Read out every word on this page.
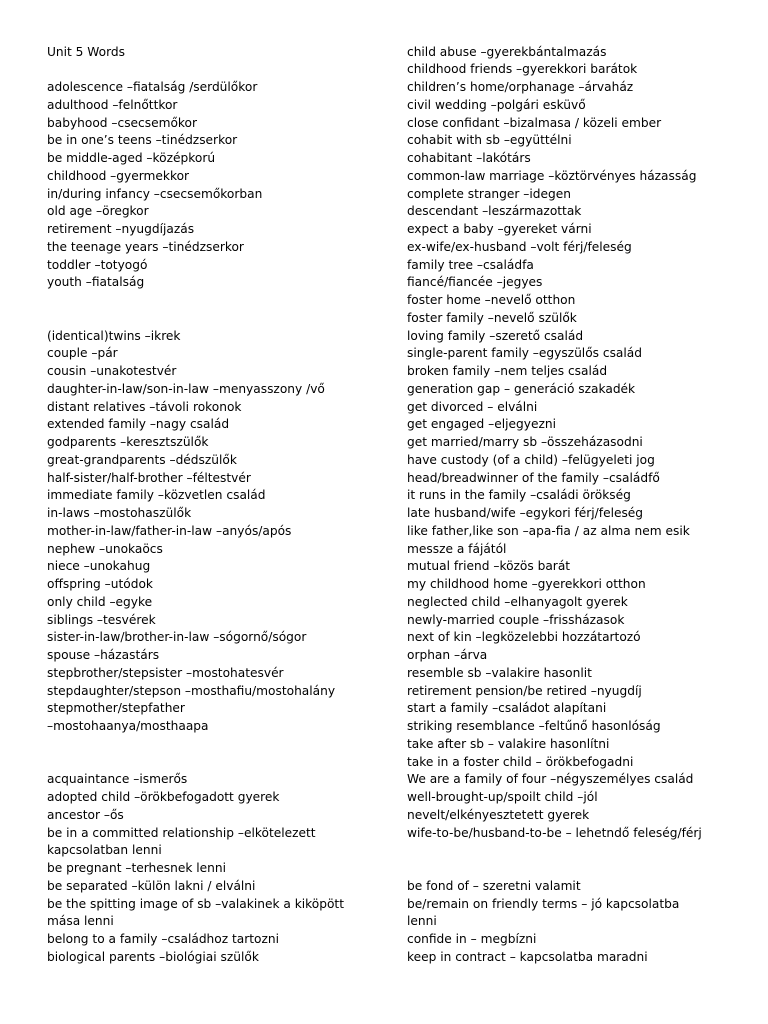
Unit 5 Words
adolescence –fiatalság /serdülőkor
adulthood –felnőttkor
babyhood –csecsemőkor
be in one’s teens –tinédzserkor
be middle-aged –középkorú
childhood –gyermekkor
in/during infancy –csecsemőkorban
old age –öregkor
retirement –nyugdíjazás
the teenage years –tinédzserkor
toddler –totyogó
youth –fiatalság
(identical)twins –ikrek
couple –pár
cousin –unakotestvér
daughter-in-law/son-in-law –menyasszony /vő
distant relatives –távoli rokonok
extended family –nagy család
godparents –keresztszülők
great-grandparents –dédszülők
half-sister/half-brother –féltestvér
immediate family –közvetlen család
in-laws –mostohaszülők
mother-in-law/father-in-law –anyós/após
nephew –unokaöcs
niece –unokahug
offspring –utódok
only child –egyke
siblings –tesvérek
sister-in-law/brother-in-law –sógornő/sógor
spouse –házastárs
stepbrother/stepsister –mostohatesvér
stepdaughter/stepson –mosthafiu/mostohalány
stepmother/stepfather
–mostohaanya/mosthaapa
acquaintance –ismerős
adopted child –örökbefogadott gyerek
ancestor –ős
be in a committed relationship –elkötelezett
kapcsolatban lenni
be pregnant –terhesnek lenni
be separated –külön lakni / elválni
be the spitting image of sb –valakinek a kiköpött
mása lenni
belong to a family –családhoz tartozni
biological parents –biológiai szülők
child abuse –gyerekbántalmazás
childhood friends –gyerekkori barátok
children’s home/orphanage –árvaház
civil wedding –polgári esküvő
close confidant –bizalmasa / közeli ember
cohabit with sb –együttélni
cohabitant –lakótárs
common-law marriage –köztörvényes házasság
complete stranger –idegen
descendant –leszármazottak
expect a baby –gyereket várni
ex-wife/ex-husband –volt férj/feleség
family tree –családfa
fiancé/fiancée –jegyes
foster home –nevelő otthon
foster family –nevelő szülők
loving family –szerető család
single-parent family –egyszülős család
broken family –nem teljes család
generation gap – generáció szakadék
get divorced – elválni
get engaged –eljegyezni
get married/marry sb –összeházasodni
have custody (of a child) –felügyeleti jog
head/breadwinner of the family –családfő
it runs in the family –családi örökség
late husband/wife –egykori férj/feleség
like father,like son –apa-fia / az alma nem esik
messze a fájától
mutual friend –közös barát
my childhood home –gyerekkori otthon
neglected child –elhanyagolt gyerek
newly-married couple –frissházasok
next of kin –legközelebbi hozzátartozó
orphan –árva
resemble sb –valakire hasonlit
retirement pension/be retired –nyugdíj
start a family –családot alapítani
striking resemblance –feltűnő hasonlóság
take after sb – valakire hasonlítni
take in a foster child – örökbefogadni
We are a family of four –négyszemélyes család
well-brought-up/spoilt child –jól
nevelt/elkényesztetett gyerek
wife-to-be/husband-to-be – lehetndő feleség/férj
be fond of – szeretni valamit
be/remain on friendly terms – jó kapcsolatba
lenni
confide in – megbízni
keep in contract – kapcsolatba maradni
